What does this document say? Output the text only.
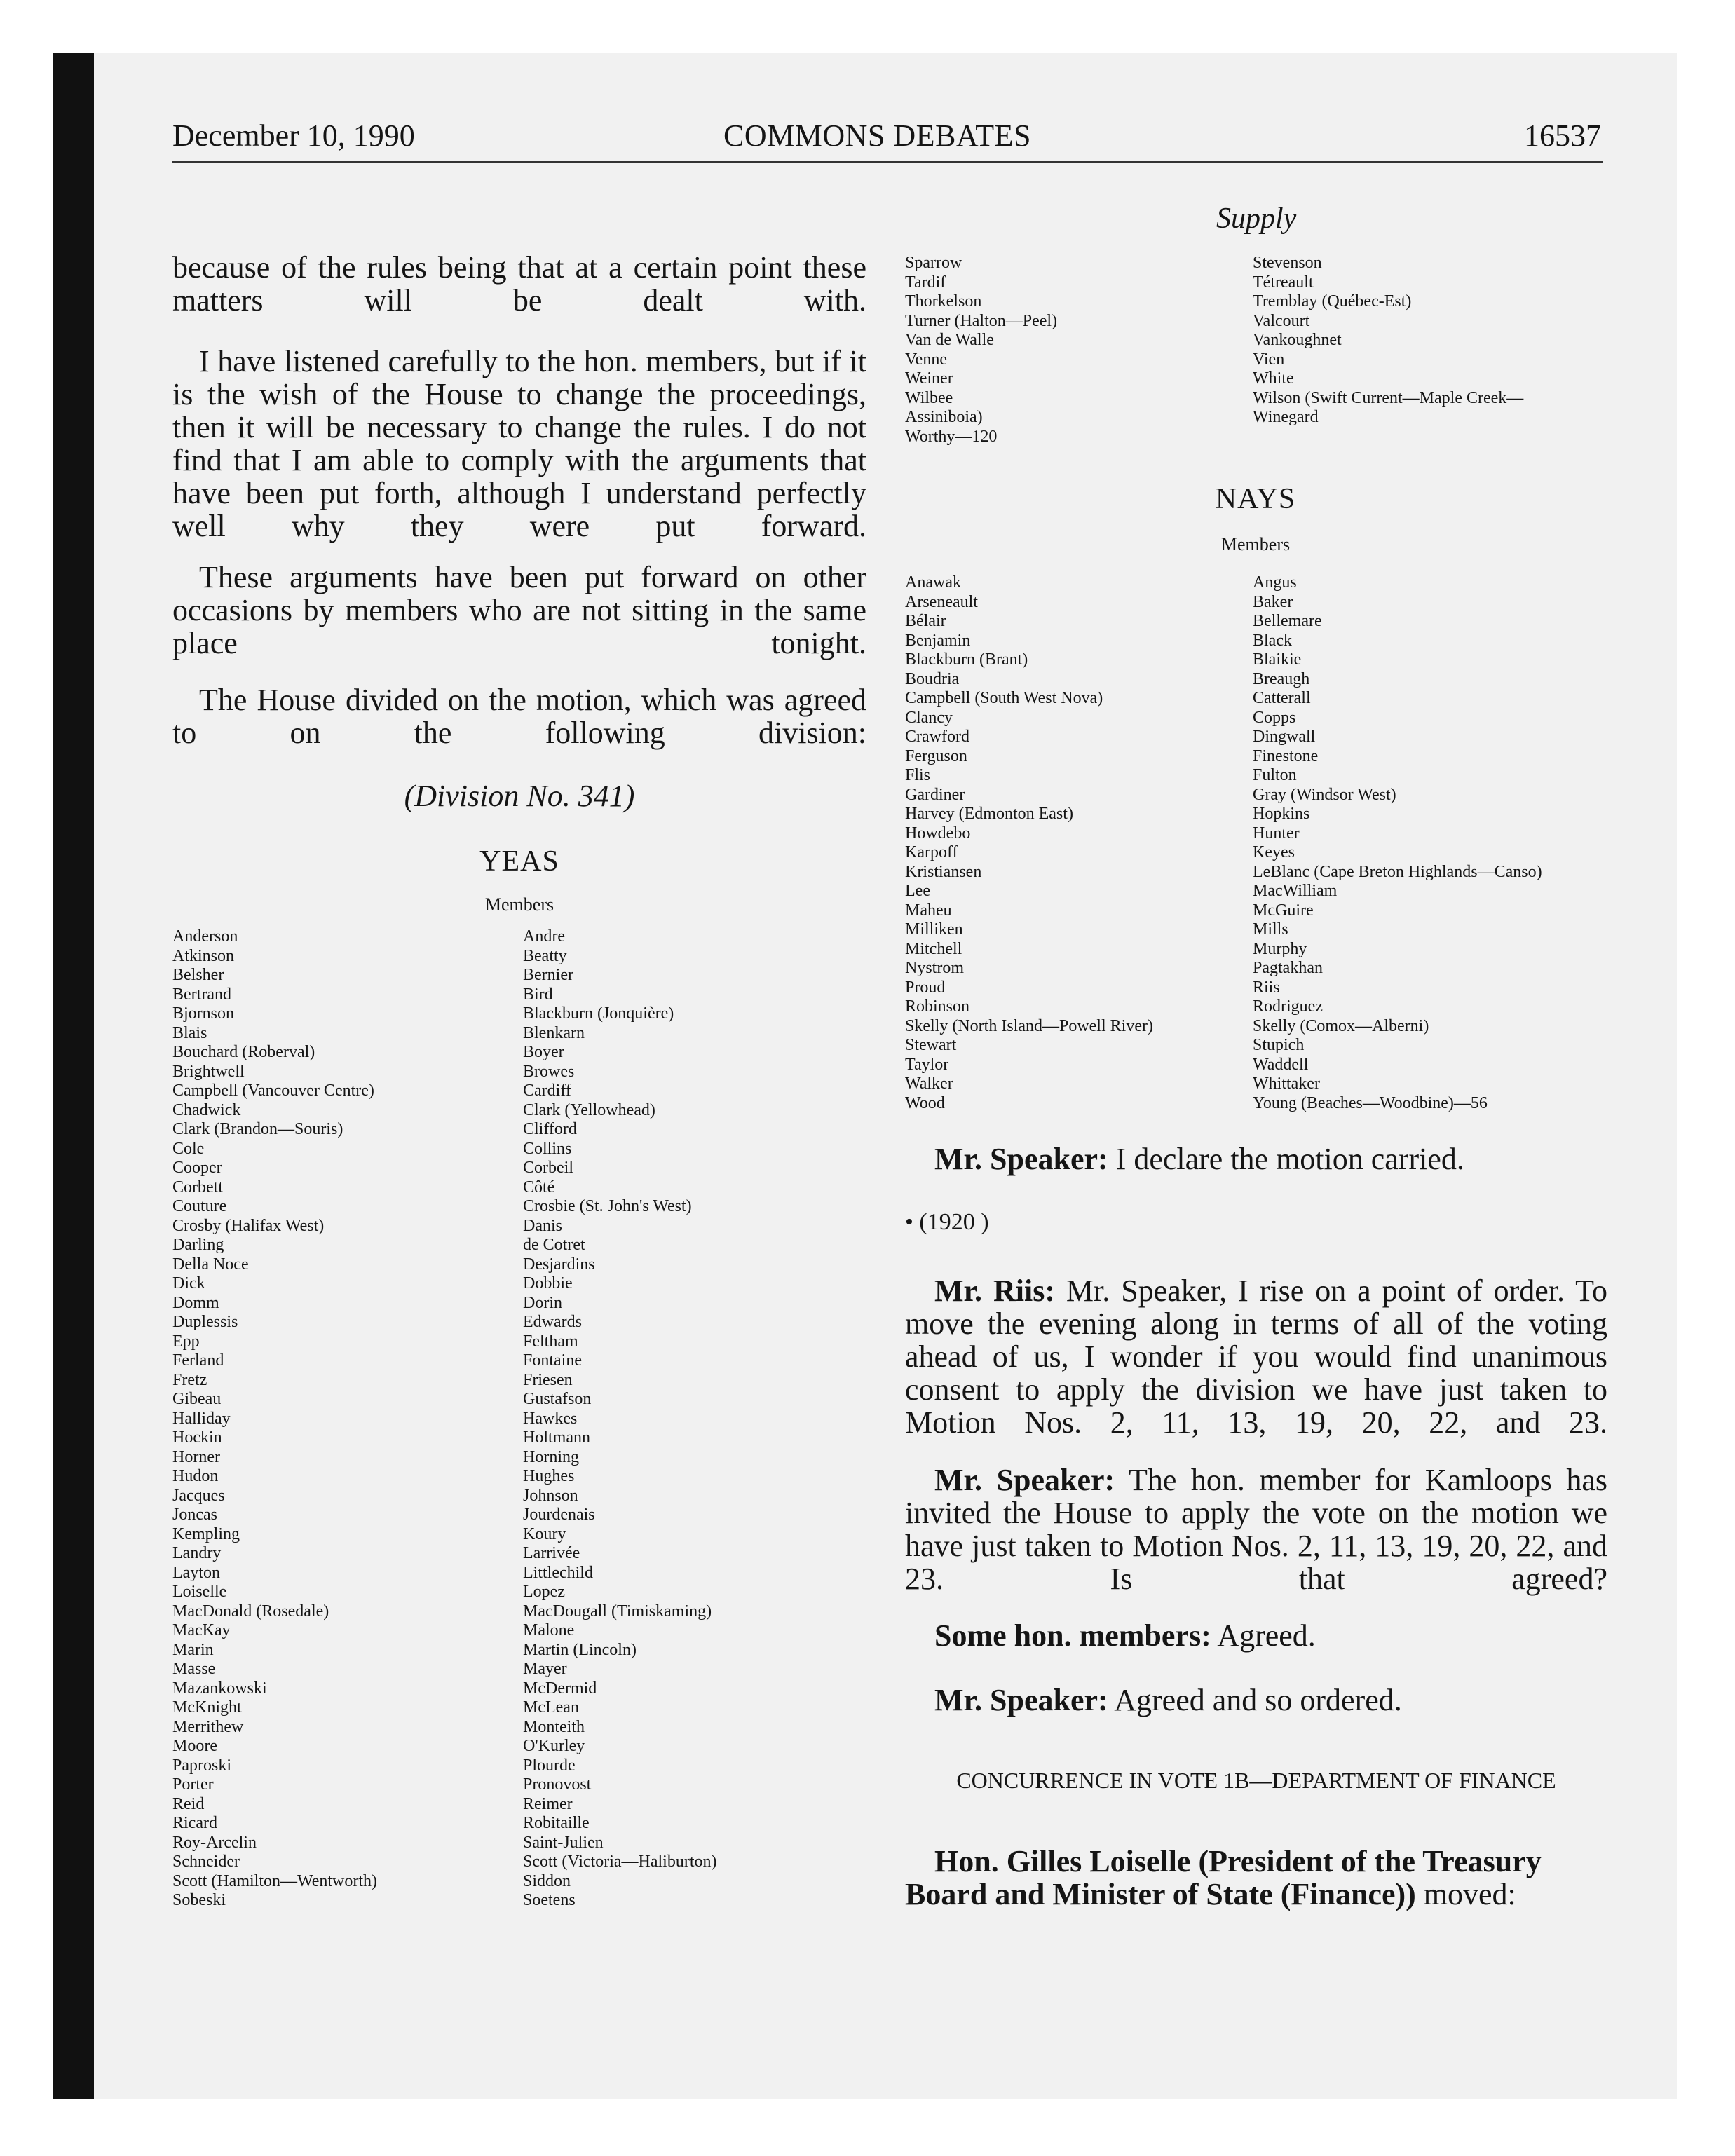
December 10, 1990	COMMONS DEBATES	16537
Supply

because of the rules being that at a certain point these matters will be dealt with.

I have listened carefully to the hon. members, but if it is the wish of the House to change the proceedings, then it will be necessary to change the rules. I do not find that I am able to comply with the arguments that have been put forth, although I understand perfectly well why they were put forward.

These arguments have been put forward on other occasions by members who are not sitting in the same place tonight.

The House divided on the motion, which was agreed to on the following division:

(Division No. 341)
YEAS
Members
Anderson
Atkinson
Belsher
Bertrand
Bjornson
Blais
Bouchard (Roberval)
Brightwell
Campbell (Vancouver Centre)
Chadwick
Clark (Brandon—Souris)
Cole
Cooper
Corbett
Couture
Crosby (Halifax West)
Darling
Della Noce
Dick
Domm
Duplessis
Epp
Ferland
Fretz
Gibeau
Halliday
Hockin
Horner
Hudon
Jacques
Joncas
Kempling
Landry
Layton
Loiselle
MacDonald (Rosedale)
MacKay
Marin
Masse
Mazankowski
McKnight
Merrithew
Moore
Paproski
Porter
Reid
Ricard
Roy-Arcelin
Schneider
Scott (Hamilton—Wentworth)
Sobeski
Andre
Beatty
Bernier
Bird
Blackburn (Jonquière)
Blenkarn
Boyer
Browes
Cardiff
Clark (Yellowhead)
Clifford
Collins
Corbeil
Côté
Crosbie (St. John's West)
Danis
de Cotret
Desjardins
Dobbie
Dorin
Edwards
Feltham
Fontaine
Friesen
Gustafson
Hawkes
Holtmann
Horning
Hughes
Johnson
Jourdenais
Koury
Larrivée
Littlechild
Lopez
MacDougall (Timiskaming)
Malone
Martin (Lincoln)
Mayer
McDermid
McLean
Monteith
O'Kurley
Plourde
Pronovost
Reimer
Robitaille
Saint-Julien
Scott (Victoria—Haliburton)
Siddon
Soetens
Sparrow
Tardif
Thorkelson
Turner (Halton—Peel)
Van de Walle
Venne
Weiner
Wilbee
Assiniboia)
Worthy—120
Stevenson
Tétreault
Tremblay (Québec-Est)
Valcourt
Vankoughnet
Vien
White
Wilson (Swift Current—Maple Creek—
Winegard
NAYS
Members
Anawak
Arseneault
Bélair
Benjamin
Blackburn (Brant)
Boudria
Campbell (South West Nova)
Clancy
Crawford
Ferguson
Flis
Gardiner
Harvey (Edmonton East)
Howdebo
Karpoff
Kristiansen
Lee
Maheu
Milliken
Mitchell
Nystrom
Proud
Robinson
Skelly (North Island—Powell River)
Stewart
Taylor
Walker
Wood
Angus
Baker
Bellemare
Black
Blaikie
Breaugh
Catterall
Copps
Dingwall
Finestone
Fulton
Gray (Windsor West)
Hopkins
Hunter
Keyes
LeBlanc (Cape Breton Highlands—Canso)
MacWilliam
McGuire
Mills
Murphy
Pagtakhan
Riis
Rodriguez
Skelly (Comox—Alberni)
Stupich
Waddell
Whittaker
Young (Beaches—Woodbine)—56

Mr. Speaker: I declare the motion carried.

• (1920 )

Mr. Riis: Mr. Speaker, I rise on a point of order. To move the evening along in terms of all of the voting ahead of us, I wonder if you would find unanimous consent to apply the division we have just taken to Motion Nos. 2, 11, 13, 19, 20, 22, and 23.

Mr. Speaker: The hon. member for Kamloops has invited the House to apply the vote on the motion we have just taken to Motion Nos. 2, 11, 13, 19, 20, 22, and 23. Is that agreed?

Some hon. members: Agreed.

Mr. Speaker: Agreed and so ordered.

CONCURRENCE IN VOTE 1B—DEPARTMENT OF FINANCE

Hon. Gilles Loiselle (President of the Treasury Board and Minister of State (Finance)) moved:
